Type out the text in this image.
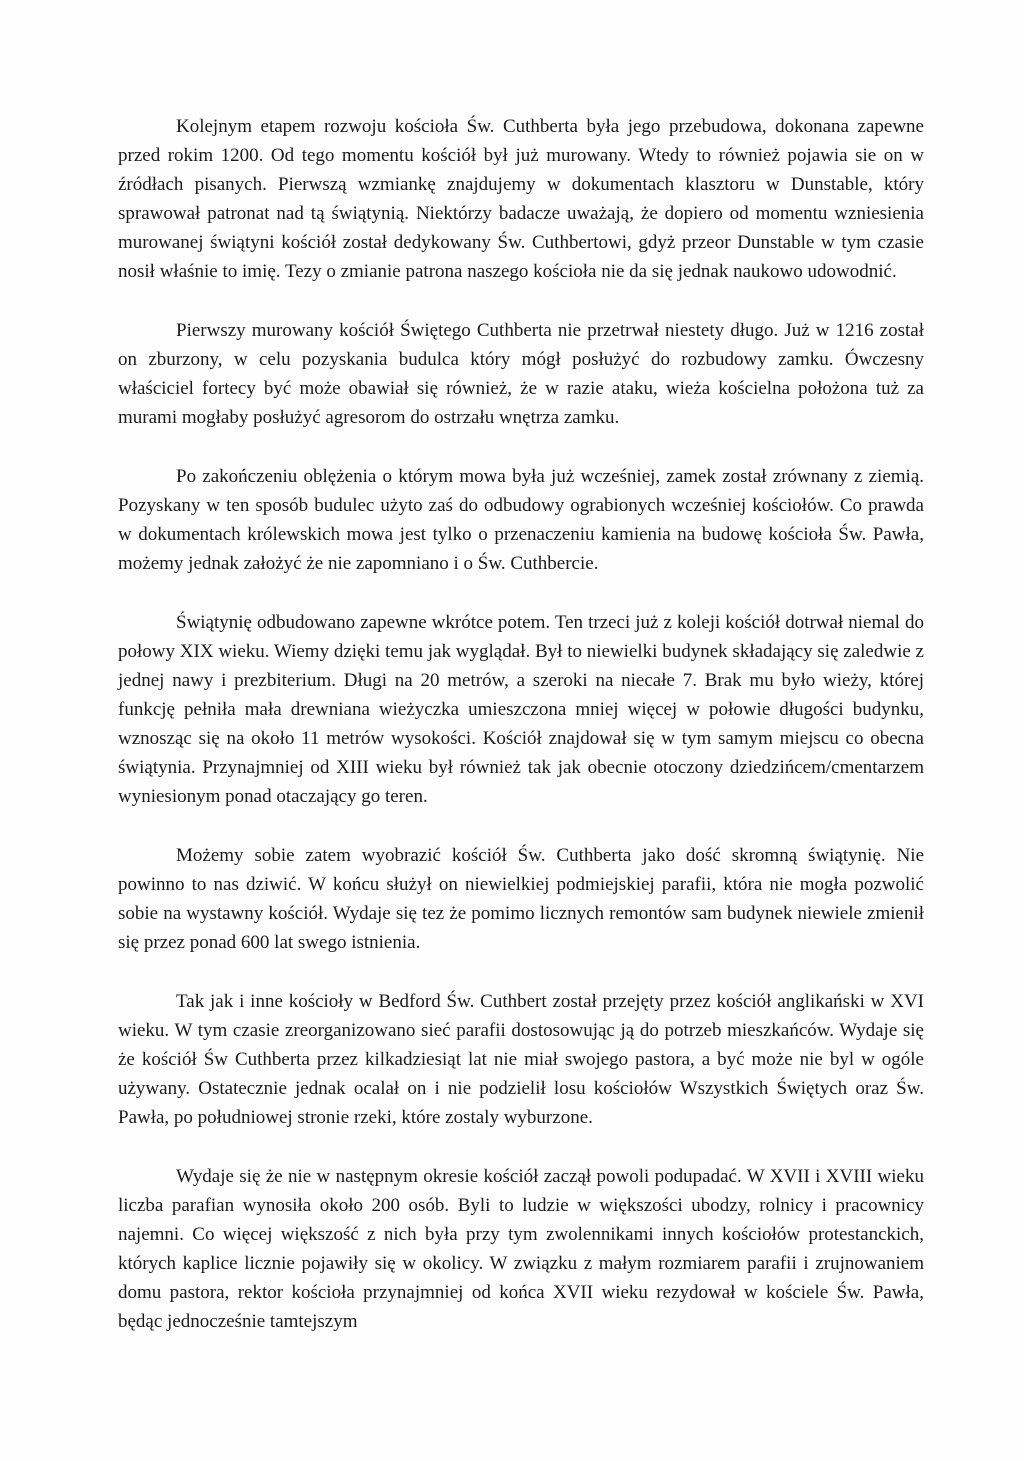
Kolejnym etapem rozwoju kościoła Św. Cuthberta była jego przebudowa, dokonana zapewne przed rokim 1200. Od tego momentu kościół był już murowany. Wtedy to również pojawia sie on w źródłach pisanych. Pierwszą wzmiankę znajdujemy w dokumentach klasztoru w Dunstable, który sprawował patronat nad tą świątynią. Niektórzy badacze uważają, że dopiero od momentu wzniesienia murowanej świątyni kościół został dedykowany Św. Cuthbertowi, gdyż przeor Dunstable w tym czasie nosił właśnie to imię. Tezy o zmianie patrona naszego kościoła nie da się jednak naukowo udowodnić.

Pierwszy murowany kościół Świętego Cuthberta nie przetrwał niestety długo. Już w 1216 został on zburzony, w celu pozyskania budulca który mógł posłużyć do rozbudowy zamku. Ówczesny właściciel fortecy być może obawiał się również, że w razie ataku, wieża kościelna położona tuż za murami mogłaby posłużyć agresorom do ostrzału wnętrza zamku.

Po zakończeniu oblężenia o którym mowa była już wcześniej, zamek został zrównany z ziemią. Pozyskany w ten sposób budulec użyto zaś do odbudowy ograbionych wcześniej kościołów. Co prawda w dokumentach królewskich mowa jest tylko o przenaczeniu kamienia na budowę kościoła Św. Pawła, możemy jednak założyć że nie zapomniano i o Św. Cuthbercie.

Świątynię odbudowano zapewne wkrótce potem. Ten trzeci już z koleji kościół dotrwał niemal do połowy XIX wieku. Wiemy dzięki temu jak wyglądał. Był to niewielki budynek składający się zaledwie z jednej nawy i prezbiterium. Długi na 20 metrów, a szeroki na niecałe 7. Brak mu było wieży, której funkcję pełniła mała drewniana wieżyczka umieszczona mniej więcej w połowie długości budynku, wznosząc się na około 11 metrów wysokości. Kościół znajdował się w tym samym miejscu co obecna świątynia. Przynajmniej od XIII wieku był również tak jak obecnie otoczony dziedzińcem/cmentarzem wyniesionym ponad otaczający go teren.

Możemy sobie zatem wyobrazić kościół Św. Cuthberta jako dość skromną świątynię. Nie powinno to nas dziwić. W końcu służył on niewielkiej podmiejskiej parafii, która nie mogła pozwolić sobie na wystawny kościół. Wydaje się tez że pomimo licznych remontów sam budynek niewiele zmienił się przez ponad 600 lat swego istnienia.

Tak jak i inne kościoły w Bedford Św. Cuthbert został przejęty przez kościół anglikański w XVI wieku. W tym czasie zreorganizowano sieć parafii dostosowując ją do potrzeb mieszkańców. Wydaje się że kościół Św Cuthberta przez kilkadziesiąt lat nie miał swojego pastora, a być może nie byl w ogóle używany. Ostatecznie jednak ocalał on i nie podzielił losu kościołów Wszystkich Świętych oraz Św. Pawła, po południowej stronie rzeki, które zostaly wyburzone.

Wydaje się że nie w następnym okresie kościół zaczął powoli podupadać. W XVII i XVIII wieku liczba parafian wynosiła około 200 osób. Byli to ludzie w większości ubodzy, rolnicy i pracownicy najemni. Co więcej większość z nich była przy tym zwolennikami innych kościołów protestanckich, których kaplice licznie pojawiły się w okolicy. W związku z małym rozmiarem parafii i zrujnowaniem domu pastora, rektor kościoła przynajmniej od końca XVII wieku rezydował w kościele Św. Pawła, będąc jednocześnie tamtejszym
